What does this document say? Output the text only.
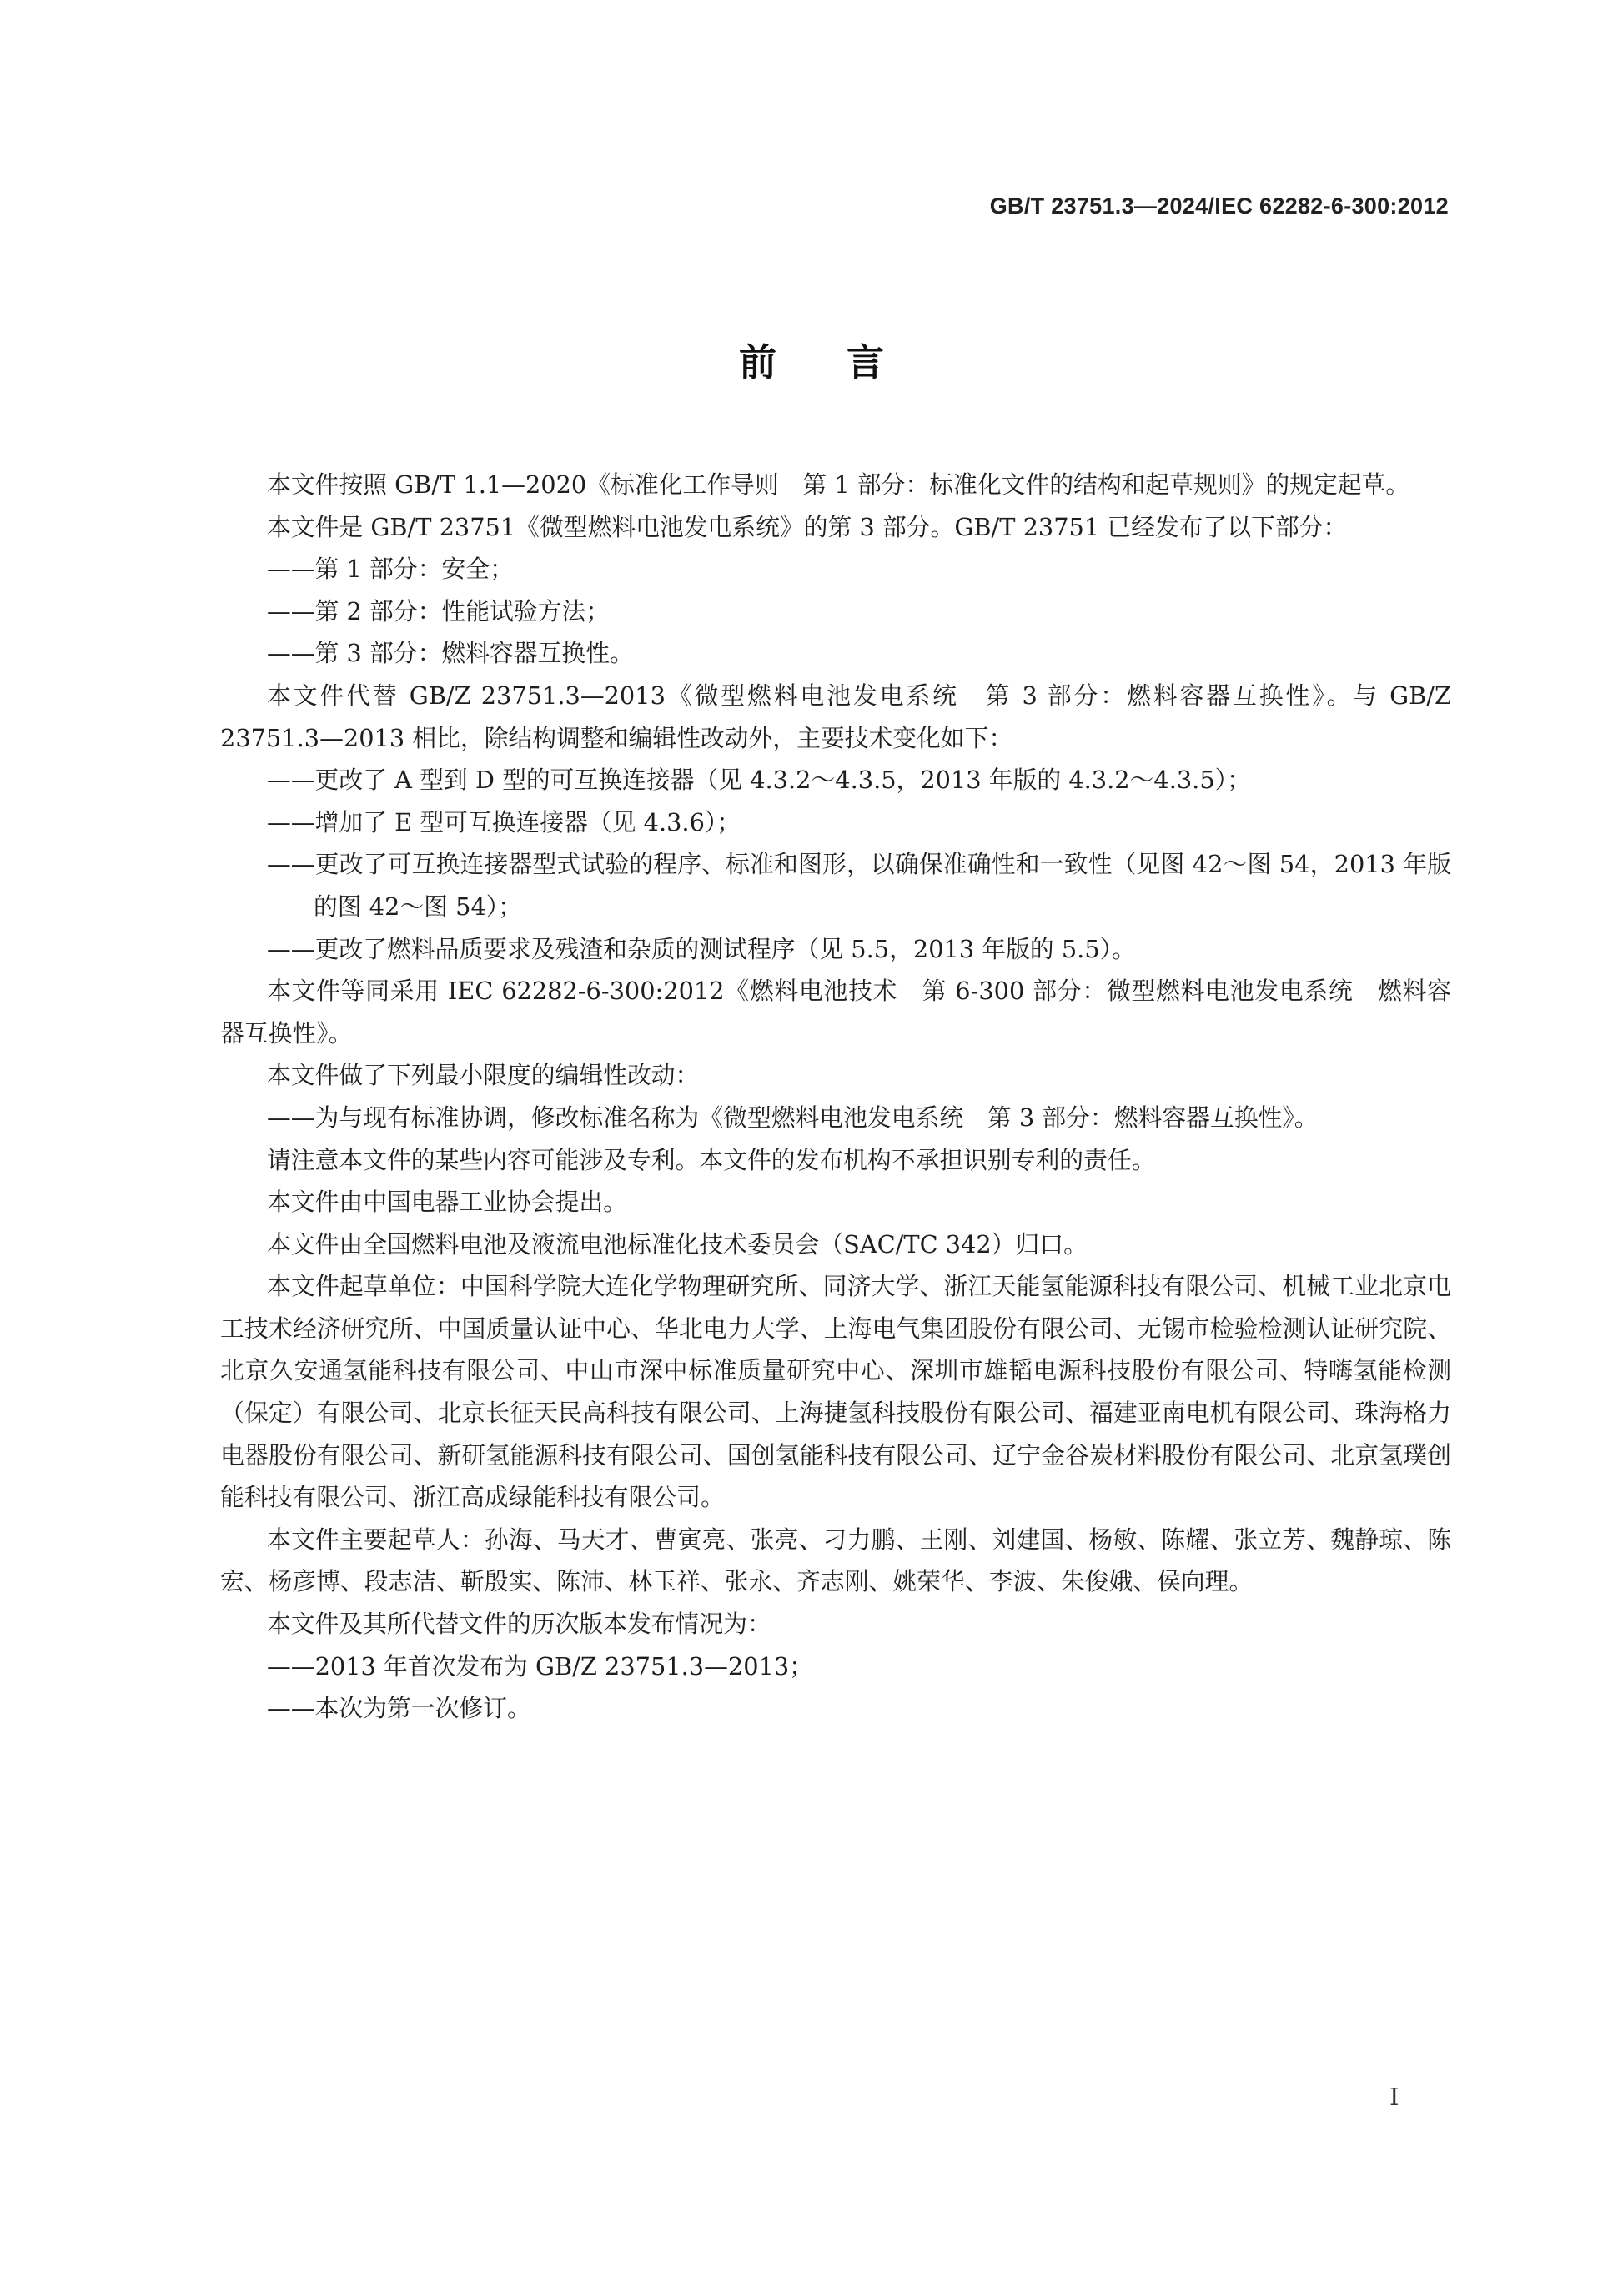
GB/T 23751.3—2024/IEC 62282-6-300:2012
前言

本文件按照 GB/T 1.1—2020《标准化工作导则　第 1 部分：标准化文件的结构和起草规则》的规定起草。

本文件是 GB/T 23751《微型燃料电池发电系统》的第 3 部分。GB/T 23751 已经发布了以下部分：

——第 1 部分：安全；

——第 2 部分：性能试验方法；

——第 3 部分：燃料容器互换性。

本文件代替 GB/Z 23751.3—2013《微型燃料电池发电系统　第 3 部分：燃料容器互换性》。与 GB/Z 23751.3—2013 相比，除结构调整和编辑性改动外，主要技术变化如下：

——更改了 A 型到 D 型的可互换连接器（见 4.3.2～4.3.5，2013 年版的 4.3.2～4.3.5）；

——增加了 E 型可互换连接器（见 4.3.6）；

——更改了可互换连接器型式试验的程序、标准和图形，以确保准确性和一致性（见图 42～图 54，2013 年版的图 42～图 54）；

——更改了燃料品质要求及残渣和杂质的测试程序（见 5.5，2013 年版的 5.5）。

本文件等同采用 IEC 62282-6-300:2012《燃料电池技术　第 6-300 部分：微型燃料电池发电系统　燃料容器互换性》。

本文件做了下列最小限度的编辑性改动：

——为与现有标准协调，修改标准名称为《微型燃料电池发电系统　第 3 部分：燃料容器互换性》。

请注意本文件的某些内容可能涉及专利。本文件的发布机构不承担识别专利的责任。

本文件由中国电器工业协会提出。

本文件由全国燃料电池及液流电池标准化技术委员会（SAC/TC 342）归口。

本文件起草单位：中国科学院大连化学物理研究所、同济大学、浙江天能氢能源科技有限公司、机械工业北京电工技术经济研究所、中国质量认证中心、华北电力大学、上海电气集团股份有限公司、无锡市检验检测认证研究院、北京久安通氢能科技有限公司、中山市深中标准质量研究中心、深圳市雄韬电源科技股份有限公司、特嗨氢能检测（保定）有限公司、北京长征天民高科技有限公司、上海捷氢科技股份有限公司、福建亚南电机有限公司、珠海格力电器股份有限公司、新研氢能源科技有限公司、国创氢能科技有限公司、辽宁金谷炭材料股份有限公司、北京氢璞创能科技有限公司、浙江高成绿能科技有限公司。

本文件主要起草人：孙海、马天才、曹寅亮、张亮、刁力鹏、王刚、刘建国、杨敏、陈耀、张立芳、魏静琼、陈宏、杨彦博、段志洁、靳殷实、陈沛、林玉祥、张永、齐志刚、姚荣华、李波、朱俊娥、侯向理。

本文件及其所代替文件的历次版本发布情况为：

——2013 年首次发布为 GB/Z 23751.3—2013；

——本次为第一次修订。

I
